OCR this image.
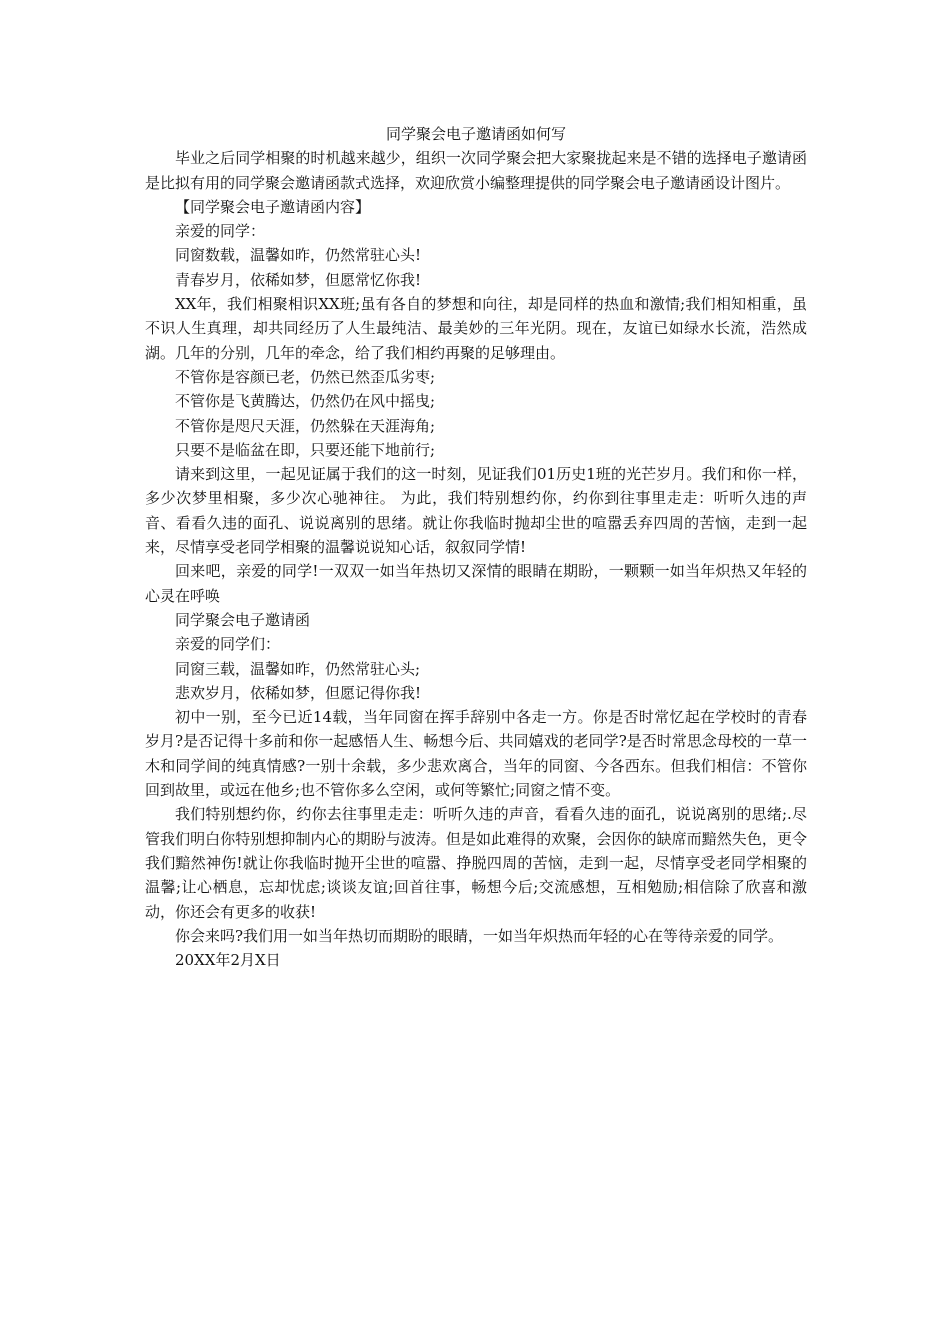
同学聚会电子邀请函如何写

毕业之后同学相聚的时机越来越少，组织一次同学聚会把大家聚拢起来是不错的选择电子邀请函是比拟有用的同学聚会邀请函款式选择，欢迎欣赏小编整理提供的同学聚会电子邀请函设计图片。

【同学聚会电子邀请函内容】

亲爱的同学：

同窗数载，温馨如昨，仍然常驻心头!

青春岁月，依稀如梦，但愿常忆你我!

XX年，我们相聚相识XX班;虽有各自的梦想和向往，却是同样的热血和激情;我们相知相重，虽不识人生真理，却共同经历了人生最纯洁、最美妙的三年光阴。现在，友谊已如绿水长流，浩然成湖。几年的分别，几年的牵念，给了我们相约再聚的足够理由。

不管你是容颜已老，仍然已然歪瓜劣枣;

不管你是飞黄腾达，仍然仍在风中摇曳;

不管你是咫尺天涯，仍然躲在天涯海角;

只要不是临盆在即，只要还能下地前行;

请来到这里，一起见证属于我们的这一时刻，见证我们01历史1班的光芒岁月。我们和你一样，多少次梦里相聚，多少次心驰神往。 为此，我们特别想约你，约你到往事里走走：听听久违的声音、看看久违的面孔、说说离别的思绪。就让你我临时抛却尘世的喧嚣丢弃四周的苦恼，走到一起来，尽情享受老同学相聚的温馨说说知心话，叙叙同学情!

回来吧，亲爱的同学!一双双一如当年热切又深情的眼睛在期盼，一颗颗一如当年炽热又年轻的心灵在呼唤

同学聚会电子邀请函

亲爱的同学们：

同窗三载，温馨如昨，仍然常驻心头;

悲欢岁月，依稀如梦，但愿记得你我!

初中一别，至今已近14载，当年同窗在挥手辞别中各走一方。你是否时常忆起在学校时的青春岁月?是否记得十多前和你一起感悟人生、畅想今后、共同嬉戏的老同学?是否时常思念母校的一草一木和同学间的纯真情感?一别十余载，多少悲欢离合，当年的同窗、今各西东。但我们相信：不管你回到故里，或远在他乡;也不管你多么空闲，或何等繁忙;同窗之情不变。

我们特别想约你，约你去往事里走走：听听久违的声音，看看久违的面孔，说说离别的思绪;.尽管我们明白你特别想抑制内心的期盼与波涛。但是如此难得的欢聚，会因你的缺席而黯然失色，更令我们黯然神伤!就让你我临时抛开尘世的喧嚣、挣脱四周的苦恼，走到一起，尽情享受老同学相聚的温馨;让心栖息，忘却忧虑;谈谈友谊;回首往事，畅想今后;交流感想，互相勉励;相信除了欣喜和激动，你还会有更多的收获!

你会来吗?我们用一如当年热切而期盼的眼睛，一如当年炽热而年轻的心在等待亲爱的同学。

20XX年2月X日
